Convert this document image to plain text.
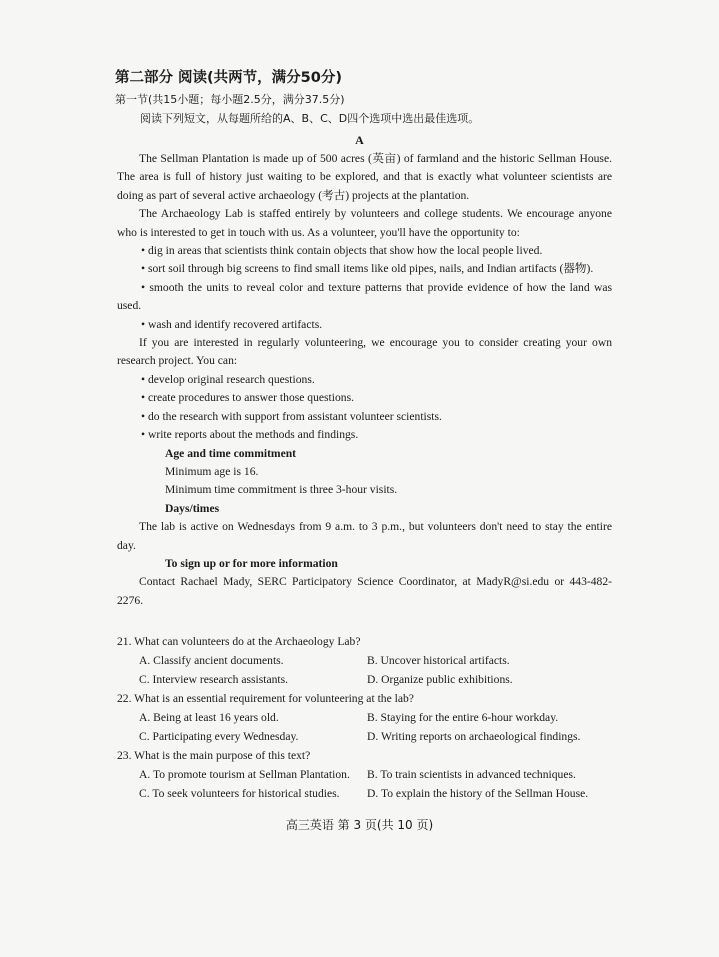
第二部分 阅读(共两节，满分50分)
第一节(共15小题；每小题2.5分，满分37.5分)
阅读下列短文，从每题所给的A、B、C、D四个选项中选出最佳选项。
A

The Sellman Plantation is made up of 500 acres (英亩) of farmland and the historic Sellman House. The area is full of history just waiting to be explored, and that is exactly what volunteer scientists are doing as part of several active archaeology (考古) projects at the plantation.

The Archaeology Lab is staffed entirely by volunteers and college students. We encourage anyone who is interested to get in touch with us. As a volunteer, you'll have the opportunity to:

• dig in areas that scientists think contain objects that show how the local people lived.

• sort soil through big screens to find small items like old pipes, nails, and Indian artifacts (器物).

• smooth the units to reveal color and texture patterns that provide evidence of how the land was used.

• wash and identify recovered artifacts.

If you are interested in regularly volunteering, we encourage you to consider creating your own research project. You can:

• develop original research questions.

• create procedures to answer those questions.

• do the research with support from assistant volunteer scientists.

• write reports about the methods and findings.

Age and time commitment

Minimum age is 16.

Minimum time commitment is three 3-hour visits.

Days/times

The lab is active on Wednesdays from 9 a.m. to 3 p.m., but volunteers don't need to stay the entire day.

To sign up or for more information

Contact Rachael Mady, SERC Participatory Science Coordinator, at MadyR@si.edu or 443-482-2276.

21. What can volunteers do at the Archaeology Lab?

A. Classify ancient documents.	B. Uncover historical artifacts.
C. Interview research assistants.	D. Organize public exhibitions.

22. What is an essential requirement for volunteering at the lab?

A. Being at least 16 years old.	B. Staying for the entire 6-hour workday.
C. Participating every Wednesday.	D. Writing reports on archaeological findings.

23. What is the main purpose of this text?

A. To promote tourism at Sellman Plantation.	B. To train scientists in advanced techniques.
C. To seek volunteers for historical studies.	D. To explain the history of the Sellman House.
高三英语 第 3 页(共 10 页)
